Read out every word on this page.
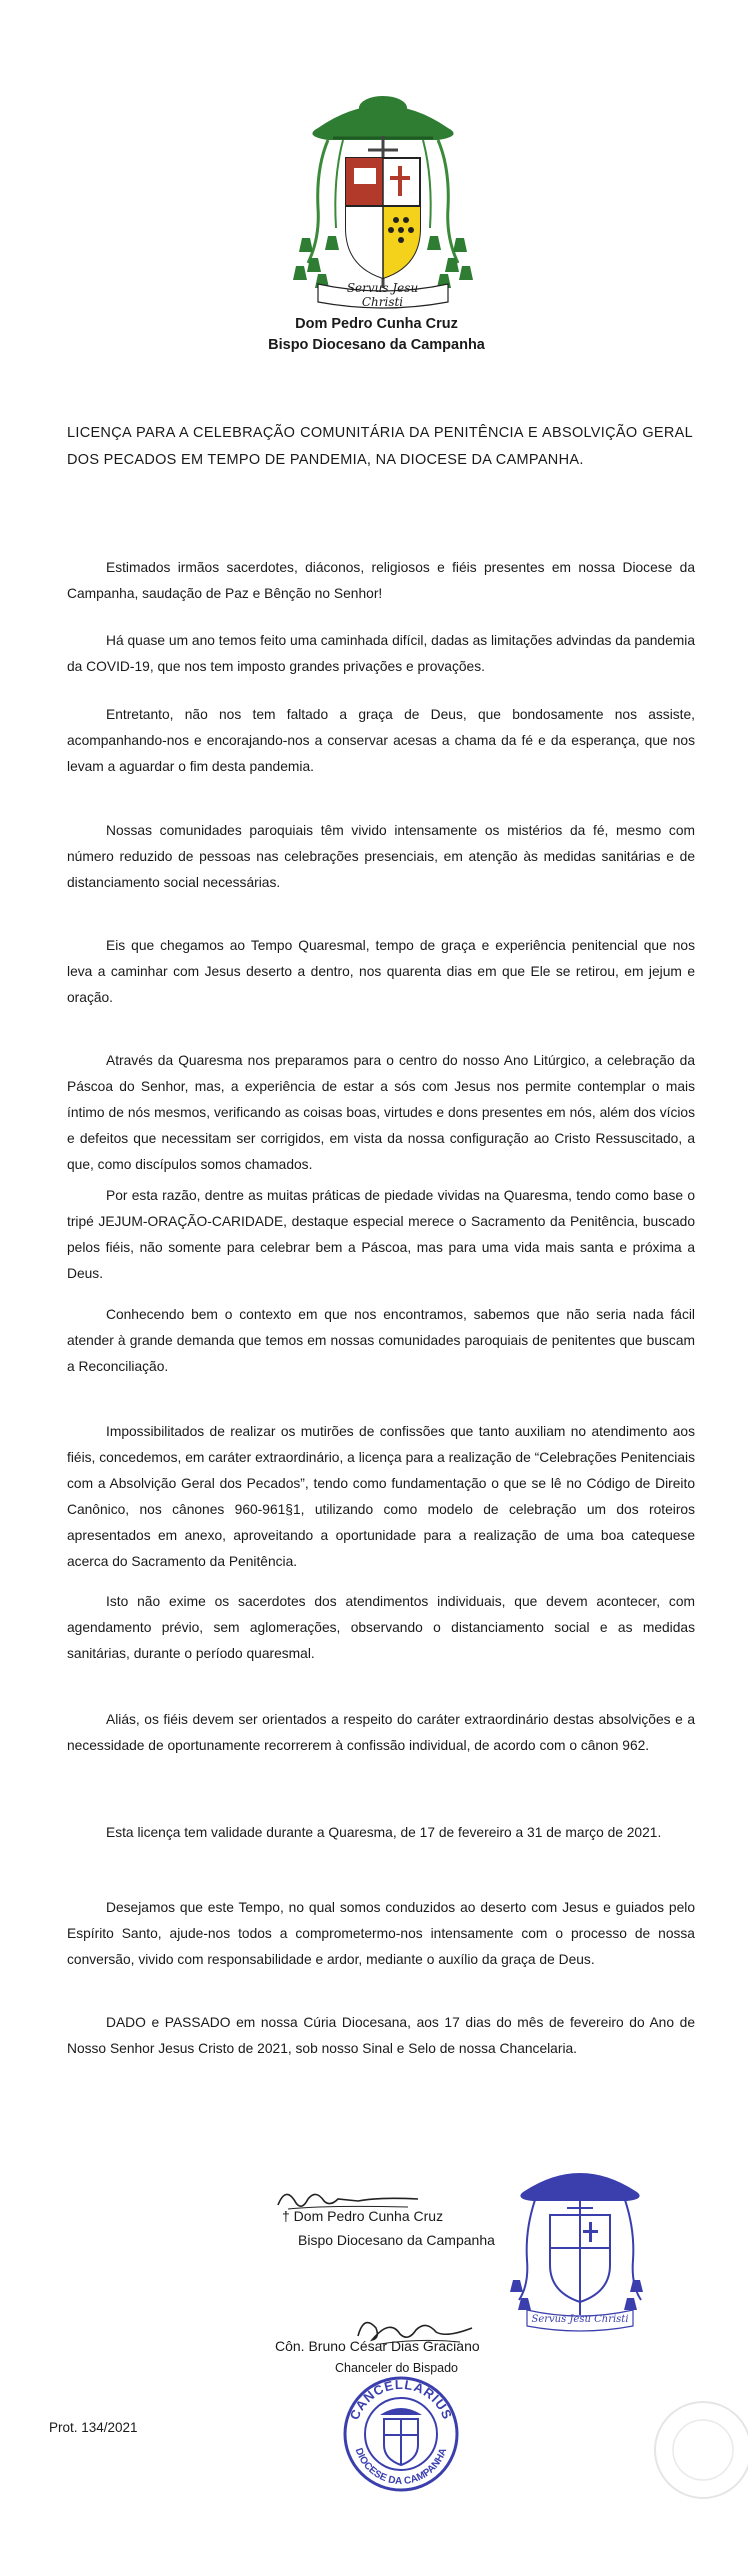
Servus Jesu Christi
Dom Pedro Cunha Cruz
Bispo Diocesano da Campanha
LICENÇA PARA A CELEBRAÇÃO COMUNITÁRIA DA PENITÊNCIA E ABSOLVIÇÃO GERAL DOS PECADOS EM TEMPO DE PANDEMIA, NA DIOCESE DA CAMPANHA.
Estimados irmãos sacerdotes, diáconos, religiosos e fiéis presentes em nossa Diocese da Campanha, saudação de Paz e Bênção no Senhor!
Há quase um ano temos feito uma caminhada difícil, dadas as limitações advindas da pandemia da COVID-19, que nos tem imposto grandes privações e provações.
Entretanto, não nos tem faltado a graça de Deus, que bondosamente nos assiste, acompanhando-nos e encorajando-nos a conservar acesas a chama da fé e da esperança, que nos levam a aguardar o fim desta pandemia.
Nossas comunidades paroquiais têm vivido intensamente os mistérios da fé, mesmo com número reduzido de pessoas nas celebrações presenciais, em atenção às medidas sanitárias e de distanciamento social necessárias.
Eis que chegamos ao Tempo Quaresmal, tempo de graça e experiência penitencial que nos leva a caminhar com Jesus deserto a dentro, nos quarenta dias em que Ele se retirou, em jejum e oração.
Através da Quaresma nos preparamos para o centro do nosso Ano Litúrgico, a celebração da Páscoa do Senhor, mas, a experiência de estar a sós com Jesus nos permite contemplar o mais íntimo de nós mesmos, verificando as coisas boas, virtudes e dons presentes em nós, além dos vícios e defeitos que necessitam ser corrigidos, em vista da nossa configuração ao Cristo Ressuscitado, a que, como discípulos somos chamados.
Por esta razão, dentre as muitas práticas de piedade vividas na Quaresma, tendo como base o tripé JEJUM-ORAÇÃO-CARIDADE, destaque especial merece o Sacramento da Penitência, buscado pelos fiéis, não somente para celebrar bem a Páscoa, mas para uma vida mais santa e próxima a Deus.
Conhecendo bem o contexto em que nos encontramos, sabemos que não seria nada fácil atender à grande demanda que temos em nossas comunidades paroquiais de penitentes que buscam a Reconciliação.
Impossibilitados de realizar os mutirões de confissões que tanto auxiliam no atendimento aos fiéis, concedemos, em caráter extraordinário, a licença para a realização de “Celebrações Penitenciais com a Absolvição Geral dos Pecados”, tendo como fundamentação o que se lê no Código de Direito Canônico, nos cânones 960-961§1, utilizando como modelo de celebração um dos roteiros apresentados em anexo, aproveitando a oportunidade para a realização de uma boa catequese acerca do Sacramento da Penitência.
Isto não exime os sacerdotes dos atendimentos individuais, que devem acontecer, com agendamento prévio, sem aglomerações, observando o distanciamento social e as medidas sanitárias, durante o período quaresmal.
Aliás, os fiéis devem ser orientados a respeito do caráter extraordinário destas absolvições e a necessidade de oportunamente recorrerem à confissão individual, de acordo com o cânon 962.
Esta licença tem validade durante a Quaresma, de 17 de fevereiro a 31 de março de 2021.
Desejamos que este Tempo, no qual somos conduzidos ao deserto com Jesus e guiados pelo Espírito Santo, ajude-nos todos a comprometermo-nos intensamente com o processo de nossa conversão, vivido com responsabilidade e ardor, mediante o auxílio da graça de Deus.
DADO e PASSADO em nossa Cúria Diocesana, aos 17 dias do mês de fevereiro do Ano de Nosso Senhor Jesus Cristo de 2021, sob nosso Sinal e Selo de nossa Chancelaria.
† Dom Pedro Cunha Cruz
Bispo Diocesano da Campanha
Servus Jesu Christi
Côn. Bruno César Dias Graciano
Chanceler do Bispado
CANCELLARIUS
DIOCESE DA CAMPANHA
Prot. 134/2021
